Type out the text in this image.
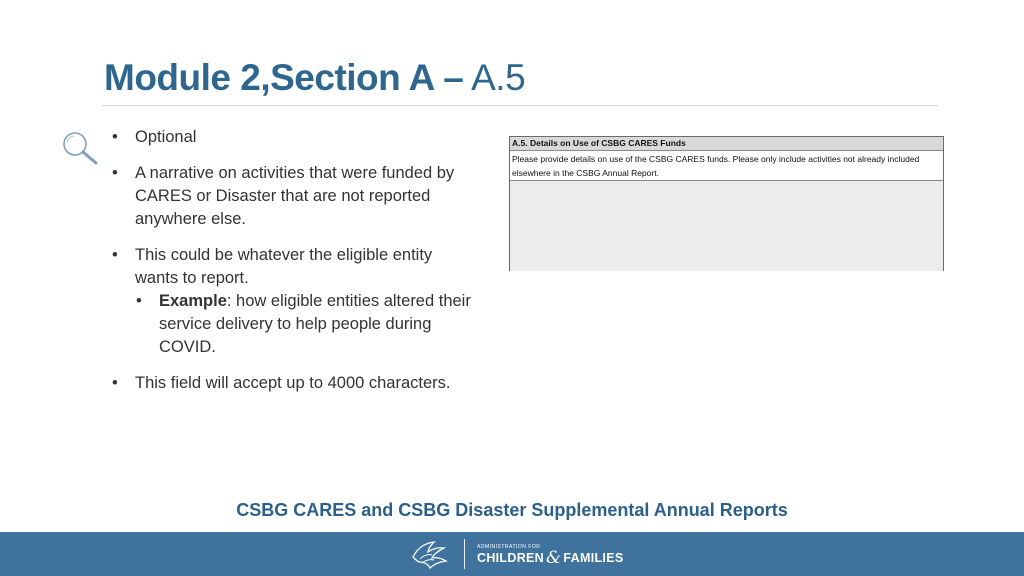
Module 2,Section A – A.5
• Optional
• A narrative on activities that were funded by CARES or Disaster that are not reported anywhere else.
• This could be whatever the eligible entity wants to report.
• Example: how eligible entities altered their service delivery to help people during COVID.
• This field will accept up to 4000 characters.
A.5. Details on Use of CSBG CARES Funds
Please provide details on use of the CSBG CARES funds. Please only include activities not already included elsewhere in the CSBG Annual Report.
CSBG CARES and CSBG Disaster Supplemental Annual Reports
ADMINISTRATION FOR
CHILDREN & FAMILIES
